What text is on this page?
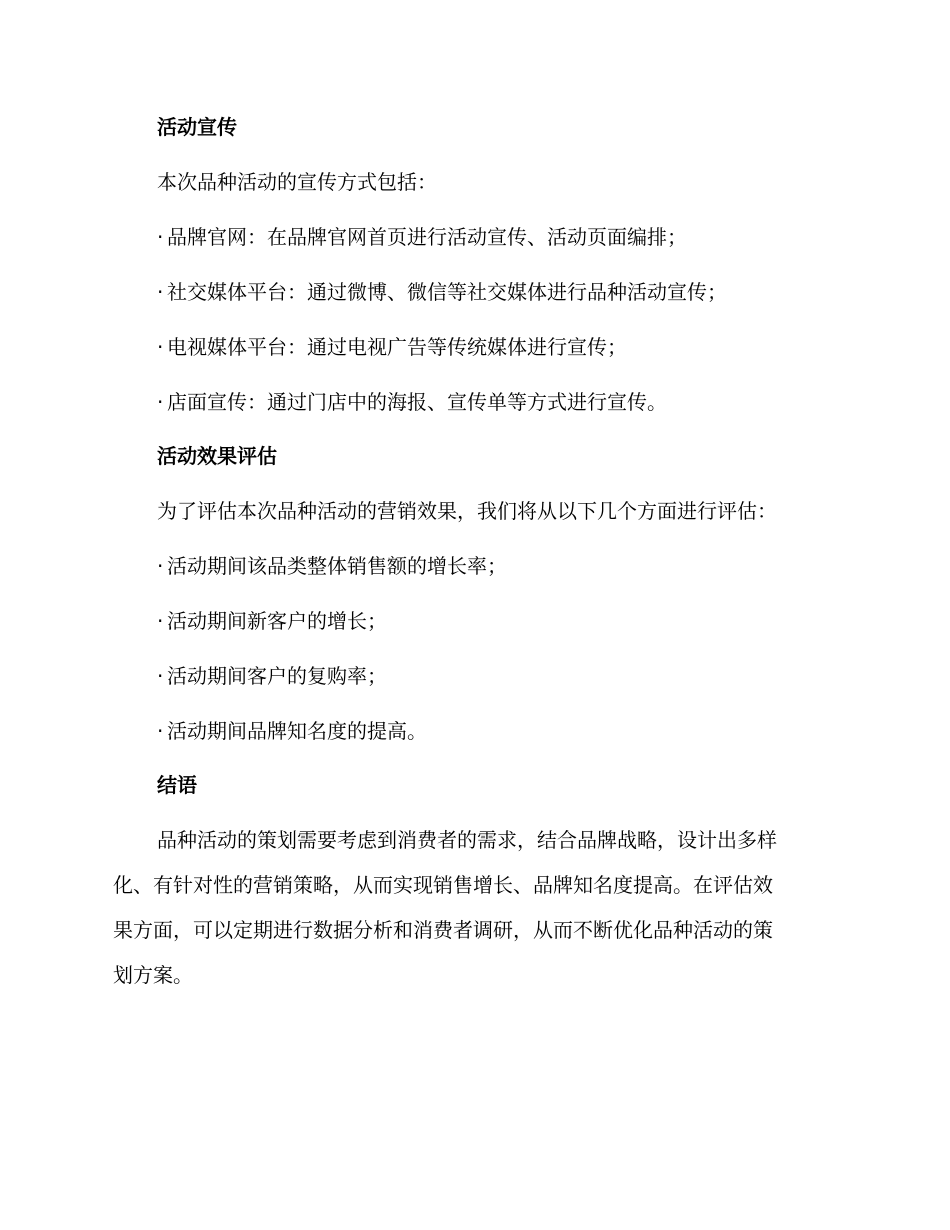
活动宣传
本次品种活动的宣传方式包括：
· 品牌官网：在品牌官网首页进行活动宣传、活动页面编排；
· 社交媒体平台：通过微博、微信等社交媒体进行品种活动宣传；
· 电视媒体平台：通过电视广告等传统媒体进行宣传；
· 店面宣传：通过门店中的海报、宣传单等方式进行宣传。
活动效果评估
为了评估本次品种活动的营销效果，我们将从以下几个方面进行评估：
· 活动期间该品类整体销售额的增长率；
· 活动期间新客户的增长；
· 活动期间客户的复购率；
· 活动期间品牌知名度的提高。
结语
品种活动的策划需要考虑到消费者的需求，结合品牌战略，设计出多样
化、有针对性的营销策略，从而实现销售增长、品牌知名度提高。在评估效
果方面，可以定期进行数据分析和消费者调研，从而不断优化品种活动的策
划方案。
